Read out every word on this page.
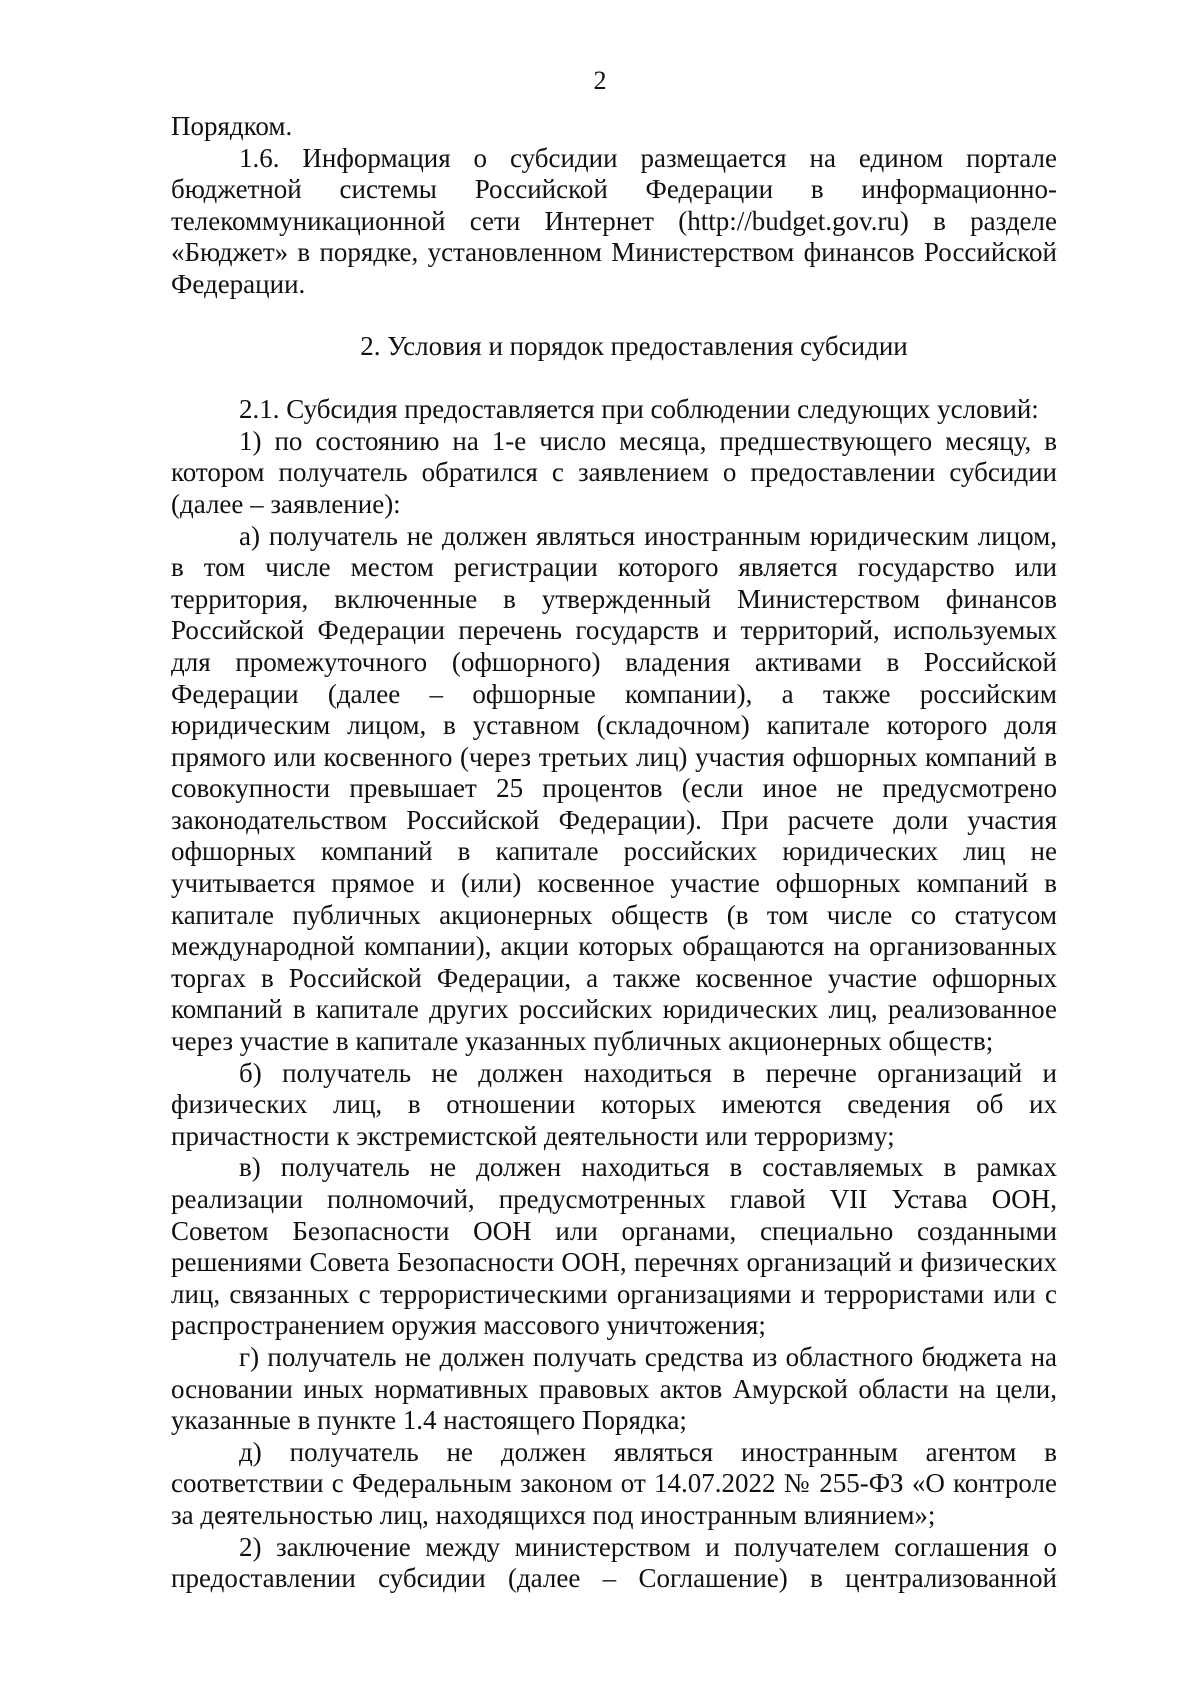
2

Порядком.

1.6. Информация о субсидии размещается на едином портале бюджетной системы Российской Федерации в информационно-телекоммуникационной сети Интернет (http://budget.gov.ru) в разделе «Бюджет» в порядке, установленном Министерством финансов Российской Федерации.

2. Условия и порядок предоставления субсидии

2.1. Субсидия предоставляется при соблюдении следующих условий:

1) по состоянию на 1-е число месяца, предшествующего месяцу, в котором получатель обратился с заявлением о предоставлении субсидии (далее – заявление):

а) получатель не должен являться иностранным юридическим лицом, в том числе местом регистрации которого является государство или территория, включенные в утвержденный Министерством финансов Российской Федерации перечень государств и территорий, используемых для промежуточного (офшорного) владения активами в Российской Федерации (далее – офшорные компании), а также российским юридическим лицом, в уставном (складочном) капитале которого доля прямого или косвенного (через третьих лиц) участия офшорных компаний в совокупности превышает 25 процентов (если иное не предусмотрено законодательством Российской Федерации). При расчете доли участия офшорных компаний в капитале российских юридических лиц не учитывается прямое и (или) косвенное участие офшорных компаний в капитале публичных акционерных обществ (в том числе со статусом международной компании), акции которых обращаются на организованных торгах в Российской Федерации, а также косвенное участие офшорных компаний в капитале других российских юридических лиц, реализованное через участие в капитале указанных публичных акционерных обществ;

б) получатель не должен находиться в перечне организаций и физических лиц, в отношении которых имеются сведения об их причастности к экстремистской деятельности или терроризму;

в) получатель не должен находиться в составляемых в рамках реализации полномочий, предусмотренных главой VII Устава ООН, Советом Безопасности ООН или органами, специально созданными решениями Совета Безопасности ООН, перечнях организаций и физических лиц, связанных с террористическими организациями и террористами или с распространением оружия массового уничтожения;

г) получатель не должен получать средства из областного бюджета на основании иных нормативных правовых актов Амурской области на цели, указанные в пункте 1.4 настоящего Порядка;

д) получатель не должен являться иностранным агентом в соответствии с Федеральным законом от 14.07.2022 № 255-ФЗ «О контроле за деятельностью лиц, находящихся под иностранным влиянием»;

2) заключение между министерством и получателем соглашения о предоставлении субсидии (далее – Соглашение) в централизованной
